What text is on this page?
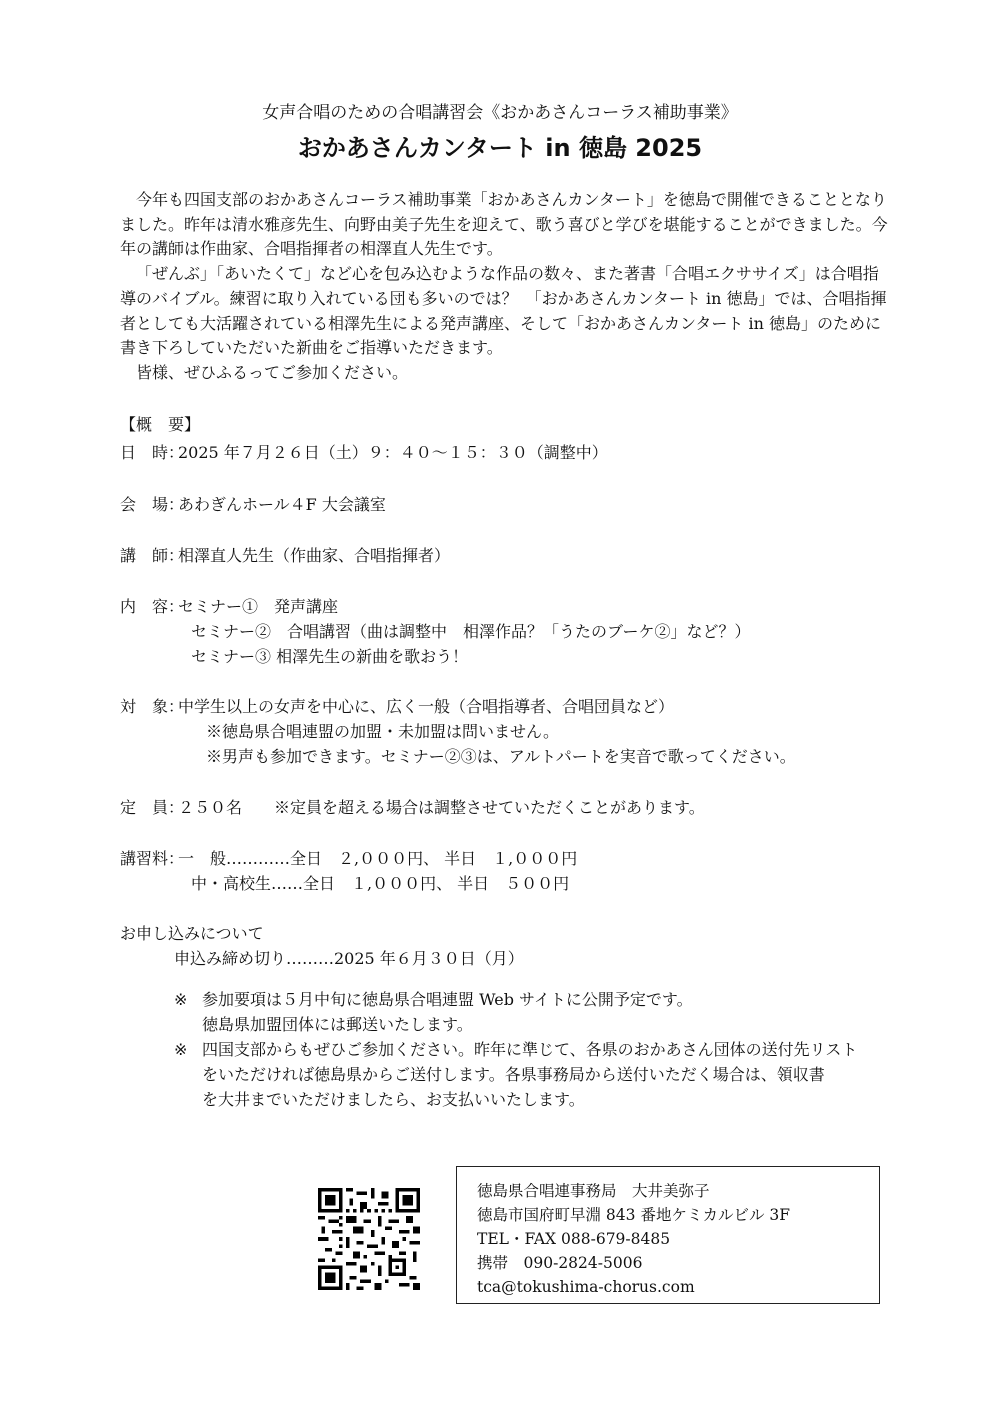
女声合唱のための合唱講習会《おかあさんコーラス補助事業》
おかあさんカンタート in 徳島 2025

今年も四国支部のおかあさんコーラス補助事業「おかあさんカンタート」を徳島で開催できることとなりました。昨年は清水雅彦先生、向野由美子先生を迎えて、歌う喜びと学びを堪能することができました。今年の講師は作曲家、合唱指揮者の相澤直人先生です。

「ぜんぶ」「あいたくて」など心を包み込むような作品の数々、また著書「合唱エクササイズ」は合唱指導のバイブル。練習に取り入れている団も多いのでは？　「おかあさんカンタート in 徳島」では、合唱指揮者としても大活躍されている相澤先生による発声講座、そして「おかあさんカンタート in 徳島」のために書き下ろしていただいた新曲をご指導いただきます。

皆様、ぜひふるってご参加ください。

【概　要】
日　時：2025 年７月２６日（土）９：４０〜１５：３０（調整中）
会　場：あわぎんホール４F 大会議室
講　師：相澤直人先生（作曲家、合唱指揮者）
内　容：セミナー①　発声講座
セミナー②　合唱講習（曲は調整中　相澤作品？「うたのブーケ②」など？）
セミナー③ 相澤先生の新曲を歌おう！
対　象：中学生以上の女声を中心に、広く一般（合唱指導者、合唱団員など）
※徳島県合唱連盟の加盟・未加盟は問いません。
※男声も参加できます。セミナー②③は、アルトパートを実音で歌ってください。
定　員：２５０名　　※定員を超える場合は調整させていただくことがあります。
講習料：一　般…………全日　２,０００円、 半日　１,０００円
中・高校生……全日　１,０００円、 半日　５００円
お申し込みについて
申込み締め切り………2025 年６月３０日（月）
※ 参加要項は５月中旬に徳島県合唱連盟 Web サイトに公開予定です。
徳島県加盟団体には郵送いたします。
※ 四国支部からもぜひご参加ください。昨年に準じて、各県のおかあさん団体の送付先リスト
をいただければ徳島県からご送付します。各県事務局から送付いただく場合は、領収書
を大井までいただけましたら、お支払いいたします。
徳島県合唱連事務局　大井美弥子
徳島市国府町早淵 843 番地ケミカルビル 3F
TEL・FAX 088-679-8485
携帯　090-2824-5006
tca@tokushima-chorus.com
